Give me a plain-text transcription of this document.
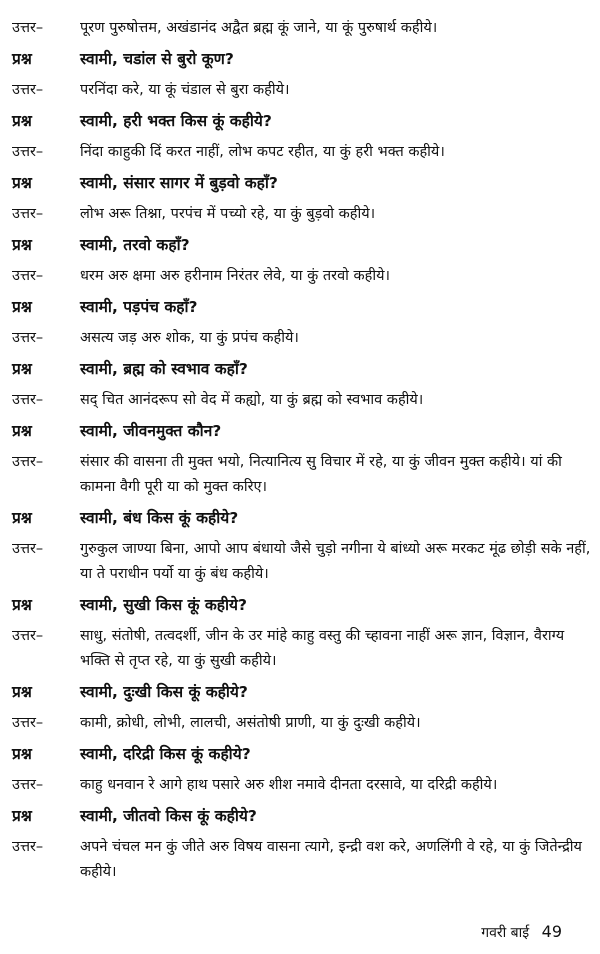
उत्तर–	पूरण पुरुषोत्तम, अखंडानंद अद्वैत ब्रह्म कूं जाने, या कूं पुरुषार्थ कहीये।
प्रश्न	स्वामी, चडांल से बुरो कूण?
उत्तर–	परनिंदा करे, या कूं चंडाल से बुरा कहीये।
प्रश्न	स्वामी, हरी भक्त किस कूं कहीये?
उत्तर–	निंदा काहुकी दिं करत नाहीं, लोभ कपट रहीत, या कुं हरी भक्त कहीये।
प्रश्न	स्वामी, संसार सागर में बुड़वो कहाँ?
उत्तर–	लोभ अरू तिश्ना, परपंच में पच्यो रहे, या कुं बुड़वो कहीये।
प्रश्न	स्वामी, तरवो कहाँ?
उत्तर–	धरम अरु क्षमा अरु हरीनाम निरंतर लेवे, या कुं तरवो कहीये।
प्रश्न	स्वामी, पड़पंच कहाँ?
उत्तर–	असत्य जड़ अरु शोक, या कुं प्रपंच कहीये।
प्रश्न	स्वामी, ब्रह्म को स्वभाव कहाँ?
उत्तर–	सद् चित आनंदरूप सो वेद में कह्यो, या कुं ब्रह्म को स्वभाव कहीये।
प्रश्न	स्वामी, जीवनमुक्त कौन?
उत्तर–	संसार की वासना ती मुक्त भयो, नित्यानित्य सु विचार में रहे, या कुं जीवन मुक्त कहीये। यां की कामना वैगी पूरी या को मुक्त करिए।
प्रश्न	स्वामी, बंध किस कूं कहीये?
उत्तर–	गुरुकुल जाण्या बिना, आपो आप बंधायो जैसे चुड़ो नगीना ये बांध्यो अरू मरकट मूंढ छोड़ी सके नहीं, या ते पराधीन पर्यो या कुं बंध कहीये।
प्रश्न	स्वामी, सुखी किस कूं कहीये?
उत्तर–	साधु, संतोषी, तत्वदर्शी, जीन के उर मांहे काहु वस्तु की च्हावना नाहीं अरू ज्ञान, विज्ञान, वैराग्य भक्ति से तृप्त रहे, या कुं सुखी कहीये।
प्रश्न	स्वामी, दुःखी किस कूं कहीये?
उत्तर–	कामी, क्रोधी, लोभी, लालची, असंतोषी प्राणी, या कुं दुःखी कहीये।
प्रश्न	स्वामी, दरिद्री किस कूं कहीये?
उत्तर–	काहु धनवान रे आगे हाथ पसारे अरु शीश नमावे दीनता दरसावे, या दरिद्री कहीये।
प्रश्न	स्वामी, जीतवो किस कूं कहीये?
उत्तर–	अपने चंचल मन कुं जीते अरु विषय वासना त्यागे, इन्द्री वश करे, अणलिंगी वे रहे, या कुं जितेन्द्रीय कहीये।
गवरी बाई 49
